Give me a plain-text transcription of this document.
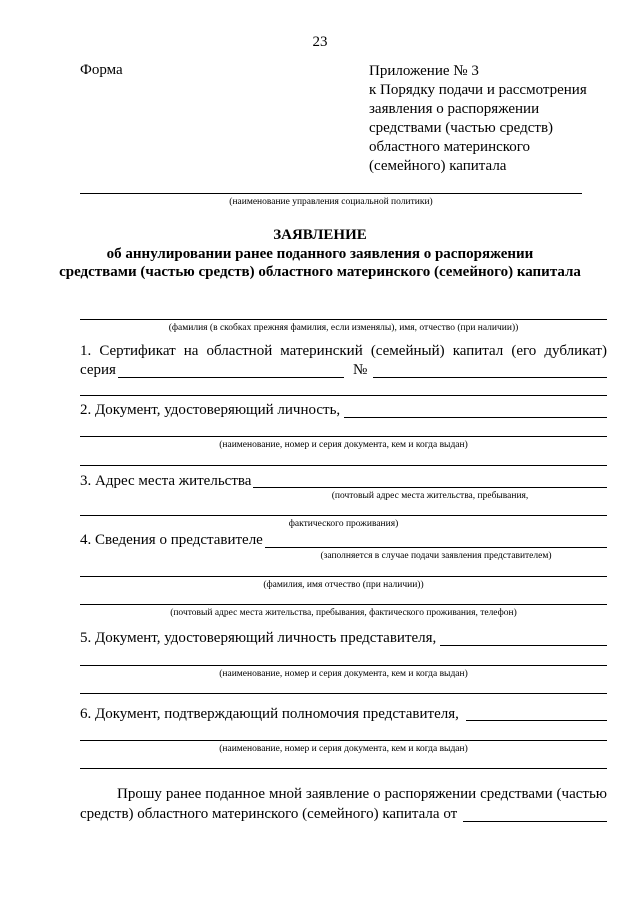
23
Форма	Приложение № 3
к Порядку подачи и рассмотрения
заявления о распоряжении
средствами (частью средств)
областного материнского
(семейного) капитала
(наименование управления социальной политики)
ЗАЯВЛЕНИЕ
об аннулировании ранее поданного заявления о распоряжении
средствами (частью средств) областного материнского (семейного) капитала
(фамилия (в скобках прежняя фамилия, если изменялы), имя, отчество (при наличии))
1. Сертификат на областной материнский (семейный) капитал (его дубликат)
серия	№
2. Документ, удостоверяющий личность,
(наименование, номер и серия документа, кем и когда выдан)
3. Адрес места жительства
(почтовый адрес места жительства, пребывания,
фактического проживания)
4. Сведения о представителе
(заполняется в случае подачи заявления представителем)
(фамилия, имя отчество (при наличии))
(почтовый адрес места жительства, пребывания, фактического проживания, телефон)
5. Документ, удостоверяющий личность представителя,
(наименование, номер и серия документа, кем и когда выдан)
6. Документ, подтверждающий полномочия представителя,
(наименование, номер и серия документа, кем и когда выдан)
Прошу ранее поданное мной заявление о распоряжении средствами (частью
средств) областного материнского (семейного) капитала от
